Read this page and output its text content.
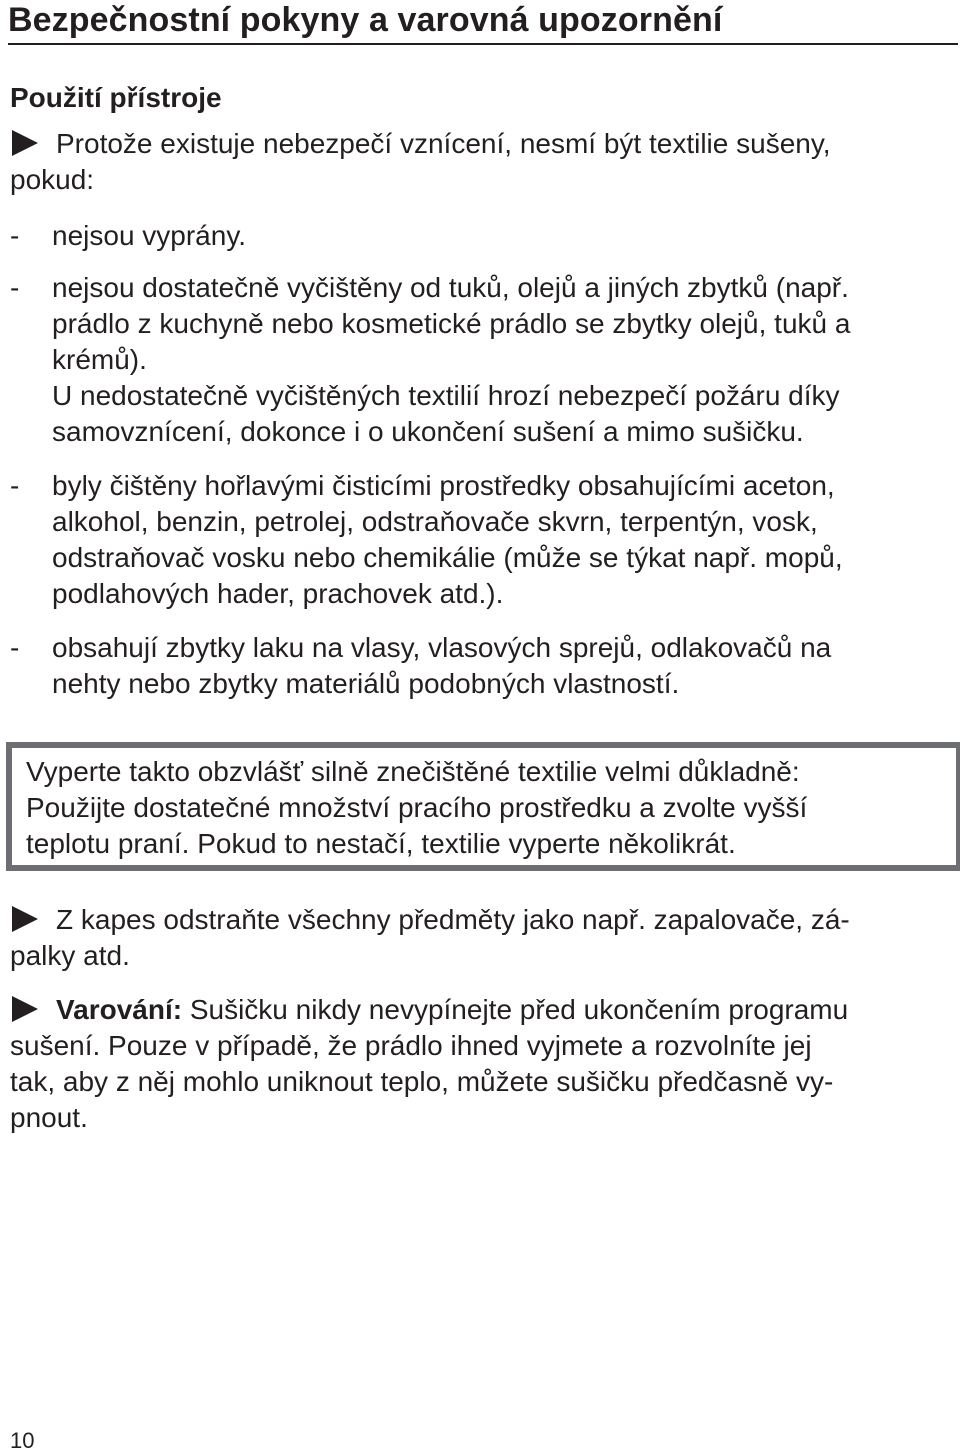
Bezpečnostní pokyny a varovná upozornění
Použití přístroje
Protože existuje nebezpečí vznícení, nesmí být textilie sušeny,
pokud:
- nejsou vyprány.
- nejsou dostatečně vyčištěny od tuků, olejů a jiných zbytků (např.
prádlo z kuchyně nebo kosmetické prádlo se zbytky olejů, tuků a
krémů).
U nedostatečně vyčištěných textilií hrozí nebezpečí požáru díky
samovznícení, dokonce i o ukončení sušení a mimo sušičku.
- byly čištěny hořlavými čisticími prostředky obsahujícími aceton,
alkohol, benzin, petrolej, odstraňovače skvrn, terpentýn, vosk,
odstraňovač vosku nebo chemikálie (může se týkat např. mopů,
podlahových hader, prachovek atd.).
- obsahují zbytky laku na vlasy, vlasových sprejů, odlakovačů na
nehty nebo zbytky materiálů podobných vlastností.
Vyperte takto obzvlášť silně znečištěné textilie velmi důkladně:
Použijte dostatečné množství pracího prostředku a zvolte vyšší
teplotu praní. Pokud to nestačí, textilie vyperte několikrát.
Z kapes odstraňte všechny předměty jako např. zapalovače, zá-
palky atd.
Varování: Sušičku nikdy nevypínejte před ukončením programu
sušení. Pouze v případě, že prádlo ihned vyjmete a rozvolníte jej
tak, aby z něj mohlo uniknout teplo, můžete sušičku předčasně vy-
pnout.
10
